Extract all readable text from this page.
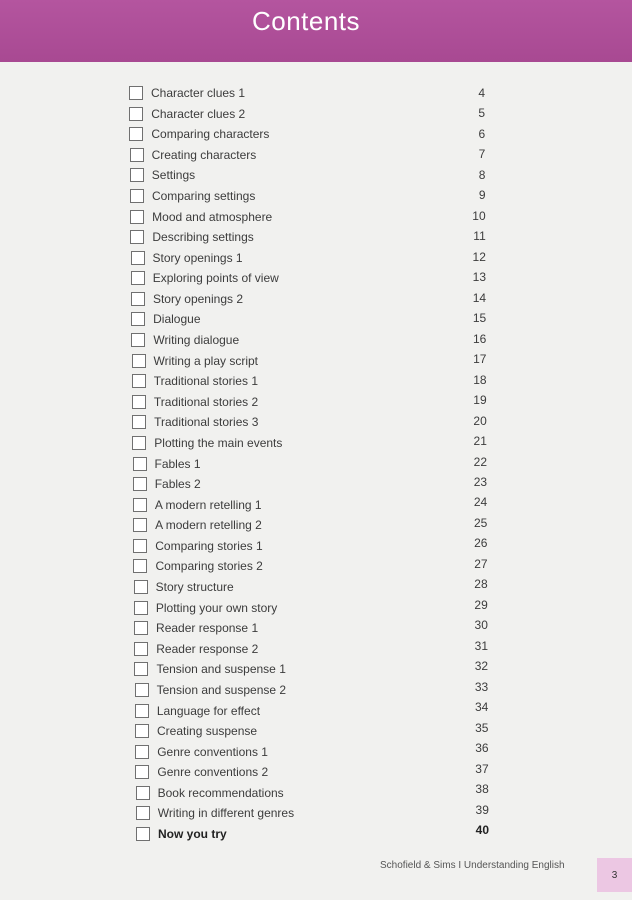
Contents
Character clues 1	4
Character clues 2	5
Comparing characters	6
Creating characters	7
Settings	8
Comparing settings	9
Mood and atmosphere	10
Describing settings	11
Story openings 1	12
Exploring points of view	13
Story openings 2	14
Dialogue	15
Writing dialogue	16
Writing a play script	17
Traditional stories 1	18
Traditional stories 2	19
Traditional stories 3	20
Plotting the main events	21
Fables 1	22
Fables 2	23
A modern retelling 1	24
A modern retelling 2	25
Comparing stories 1	26
Comparing stories 2	27
Story structure	28
Plotting your own story	29
Reader response 1	30
Reader response 2	31
Tension and suspense 1	32
Tension and suspense 2	33
Language for effect	34
Creating suspense	35
Genre conventions 1	36
Genre conventions 2	37
Book recommendations	38
Writing in different genres	39
Now you try	40
Schofield & Sims I Understanding English
3
